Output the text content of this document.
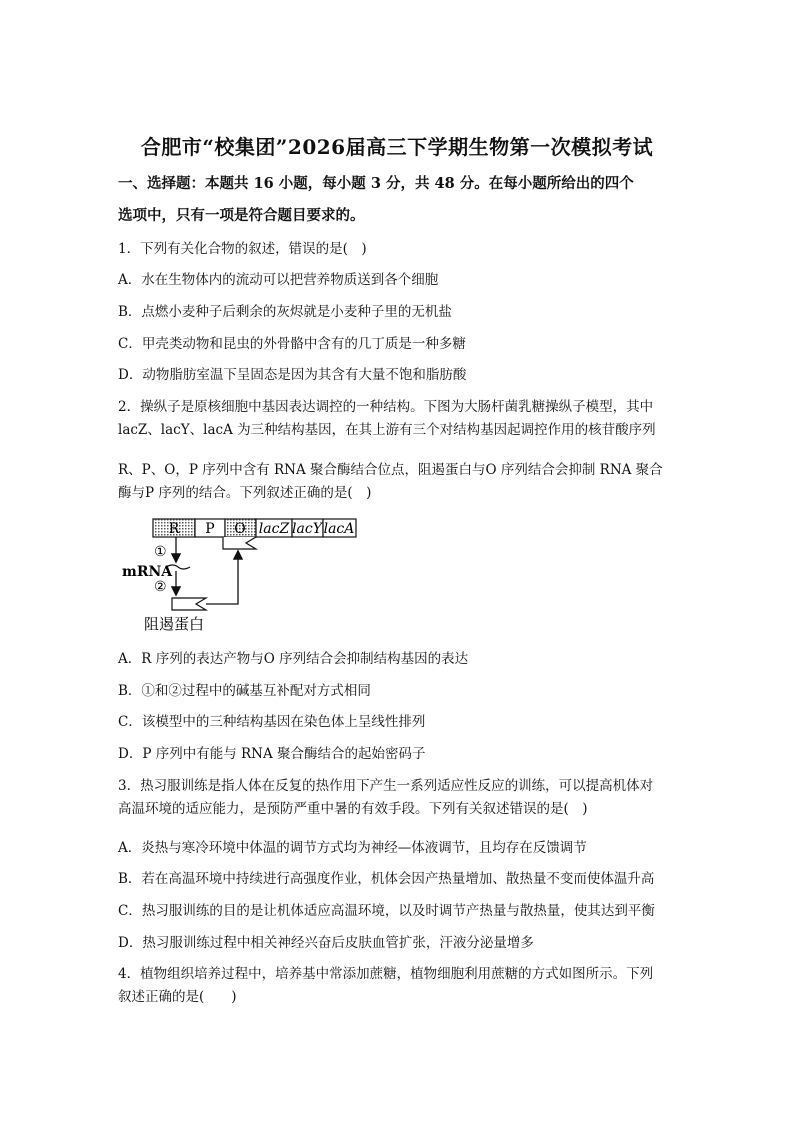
合肥市“校集团”2026届高三下学期生物第一次模拟考试
一、选择题：本题共 16 小题，每小题 3 分，共 48 分。在每小题所给出的四个
选项中，只有一项是符合题目要求的。
1．下列有关化合物的叙述，错误的是(　)
A．水在生物体内的流动可以把营养物质送到各个细胞
B．点燃小麦种子后剩余的灰烬就是小麦种子里的无机盐
C．甲壳类动物和昆虫的外骨骼中含有的几丁质是一种多糖
D．动物脂肪室温下呈固态是因为其含有大量不饱和脂肪酸
2．操纵子是原核细胞中基因表达调控的一种结构。下图为大肠杆菌乳糖操纵子模型，其中
lacZ、lacY、lacA 为三种结构基因，在其上游有三个对结构基因起调控作用的核苷酸序列
R、P、O，P 序列中含有 RNA 聚合酶结合位点，阻遏蛋白与O 序列结合会抑制 RNA 聚合
酶与P 序列的结合。下列叙述正确的是(　)
R P O lacZ lacY lacA
①
mRNA
②
阻遏蛋白
A．R 序列的表达产物与O 序列结合会抑制结构基因的表达
B．①和②过程中的碱基互补配对方式相同
C．该模型中的三种结构基因在染色体上呈线性排列
D．P 序列中有能与 RNA 聚合酶结合的起始密码子
3．热习服训练是指人体在反复的热作用下产生一系列适应性反应的训练，可以提高机体对
高温环境的适应能力，是预防严重中暑的有效手段。下列有关叙述错误的是(　)
A．炎热与寒冷环境中体温的调节方式均为神经—体液调节，且均存在反馈调节
B．若在高温环境中持续进行高强度作业，机体会因产热量增加、散热量不变而使体温升高
C．热习服训练的目的是让机体适应高温环境，以及时调节产热量与散热量，使其达到平衡
D．热习服训练过程中相关神经兴奋后皮肤血管扩张，汗液分泌量增多
4．植物组织培养过程中，培养基中常添加蔗糖，植物细胞利用蔗糖的方式如图所示。下列
叙述正确的是(　　)
